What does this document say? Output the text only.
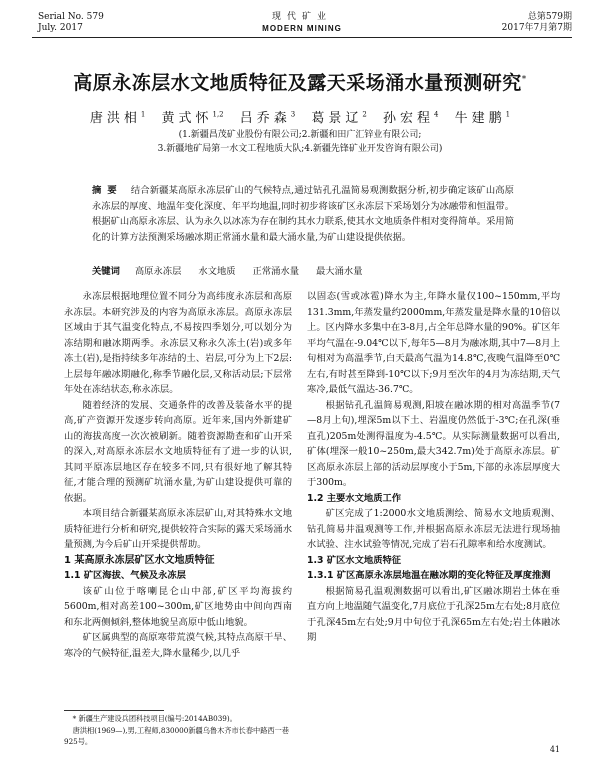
Serial No. 579
July. 2017
现代矿业
MODERN MINING
总第579期
2017年7月第7期
高原永冻层水文地质特征及露天采场涌水量预测研究*
唐洪相$^1$ 黄式怀$^{1,2}$ 吕乔森$^3$ 葛景辽$^2$ 孙宏程$^4$ 牛建鹏$^1$
(1.新疆昌茂矿业股份有限公司;2.新疆和田广汇锌业有限公司;
3.新疆地矿局第一水文工程地质大队;4.新疆先锋矿业开发咨询有限公司)
摘要 结合新疆某高原永冻层矿山的气候特点,通过钻孔孔温简易观测数据分析,初步确定该矿山高原永冻层的厚度、地温年变化深度、年平均地温,同时初步将该矿区永冻层下采场划分为冰融带和恒温带。根据矿山高原永冻层、认为永久以冰冻为存在制约其水力联系,使其水文地质条件相对变得简单。采用简化的计算方法预测采场融冰期正常涌水量和最大涌水量,为矿山建设提供依据。
关键词 高原永冻层 水文地质 正常涌水量 最大涌水量

永冻层根据地理位置不同分为高纬度永冻层和高原永冻层。本研究涉及的内容为高原永冻层。高原永冻层区域由于其气温变化特点,不易按四季划分,可以划分为冻结期和融冰期两季。永冻层又称永久冻土(岩)或多年冻土(岩),是指持续多年冻结的土、岩层,可分为上下2层:上层每年融冰期融化,称季节融化层,又称活动层;下层常年处在冻结状态,称永冻层。

随着经济的发展、交通条件的改善及装备水平的提高,矿产资源开发逐步转向高原。近年来,国内外新建矿山的海拔高度一次次被刷新。随着资源勘查和矿山开采的深入,对高原永冻层水文地质特征有了进一步的认识,其同平原冻层地区存在较多不同,只有很好地了解其特征,才能合理的预测矿坑涌水量,为矿山建设提供可靠的依据。

本项目结合新疆某高原永冻层矿山,对其特殊水文地质特征进行分析和研究,提供较符合实际的露天采场涌水量预测,为今后矿山开采提供帮助。

1 某高原永冻层矿区水文地质特征
1.1 矿区海拔、气候及永冻层

该矿山位于喀喇昆仑山中部,矿区平均海拔约5600m,相对高差100~300m,矿区地势由中间向西南和东北两侧倾斜,整体地貌呈高原中低山地貌。

矿区属典型的高原寒带荒漠气候,其特点高原干旱、寒冷的气候特征,温差大,降水量稀少,以几乎

以固态(雪或冰雹)降水为主,年降水量仅100~150mm,平均131.3mm,年蒸发量约2000mm,年蒸发量是降水量的10倍以上。区内降水多集中在3-8月,占全年总降水量的90%。矿区年平均气温在-9.04℃以下,每年5—8月为融冰期,其中7—8月上旬相对为高温季节,白天最高气温为14.8℃,夜晚气温降至0℃左右,有时甚至降到-10℃以下;9月至次年的4月为冻结期,天气寒冷,最低气温达-36.7℃。

根据钻孔孔温简易观测,阳坡在融冰期的相对高温季节(7—8月上旬),埋深5m以下土、岩温度仍然低于-3℃;在孔深(垂直孔)205m处测得温度为-4.5℃。从实际测量数据可以看出,矿体(埋深一般10~250m,最大342.7m)处于高原永冻层。矿区高原永冻层上部的活动层厚度小于5m,下部的永冻层厚度大于300m。

1.2 主要水文地质工作

矿区完成了1:2000水文地质测绘、简易水文地质观测、钻孔简易井温观测等工作,并根据高原永冻层无法进行现场抽水试验、注水试验等情况,完成了岩石孔隙率和给水度测试。

1.3 矿区水文地质特征
1.3.1 矿区高原永冻层地温在融冰期的变化特征及厚度推测

根据简易孔温观测数据可以看出,矿区融冰期岩土体在垂直方向上地温随气温变化,7月底位于孔深25m左右处;8月底位于孔深45m左右处;9月中旬位于孔深65m左右处;岩土体融冰期

* 新疆生产建设兵团科技项目(编号:2014AB039)。
唐洪相(1969—),男,工程师,830000新疆乌鲁木齐市长春中路西一巷925号。
41
